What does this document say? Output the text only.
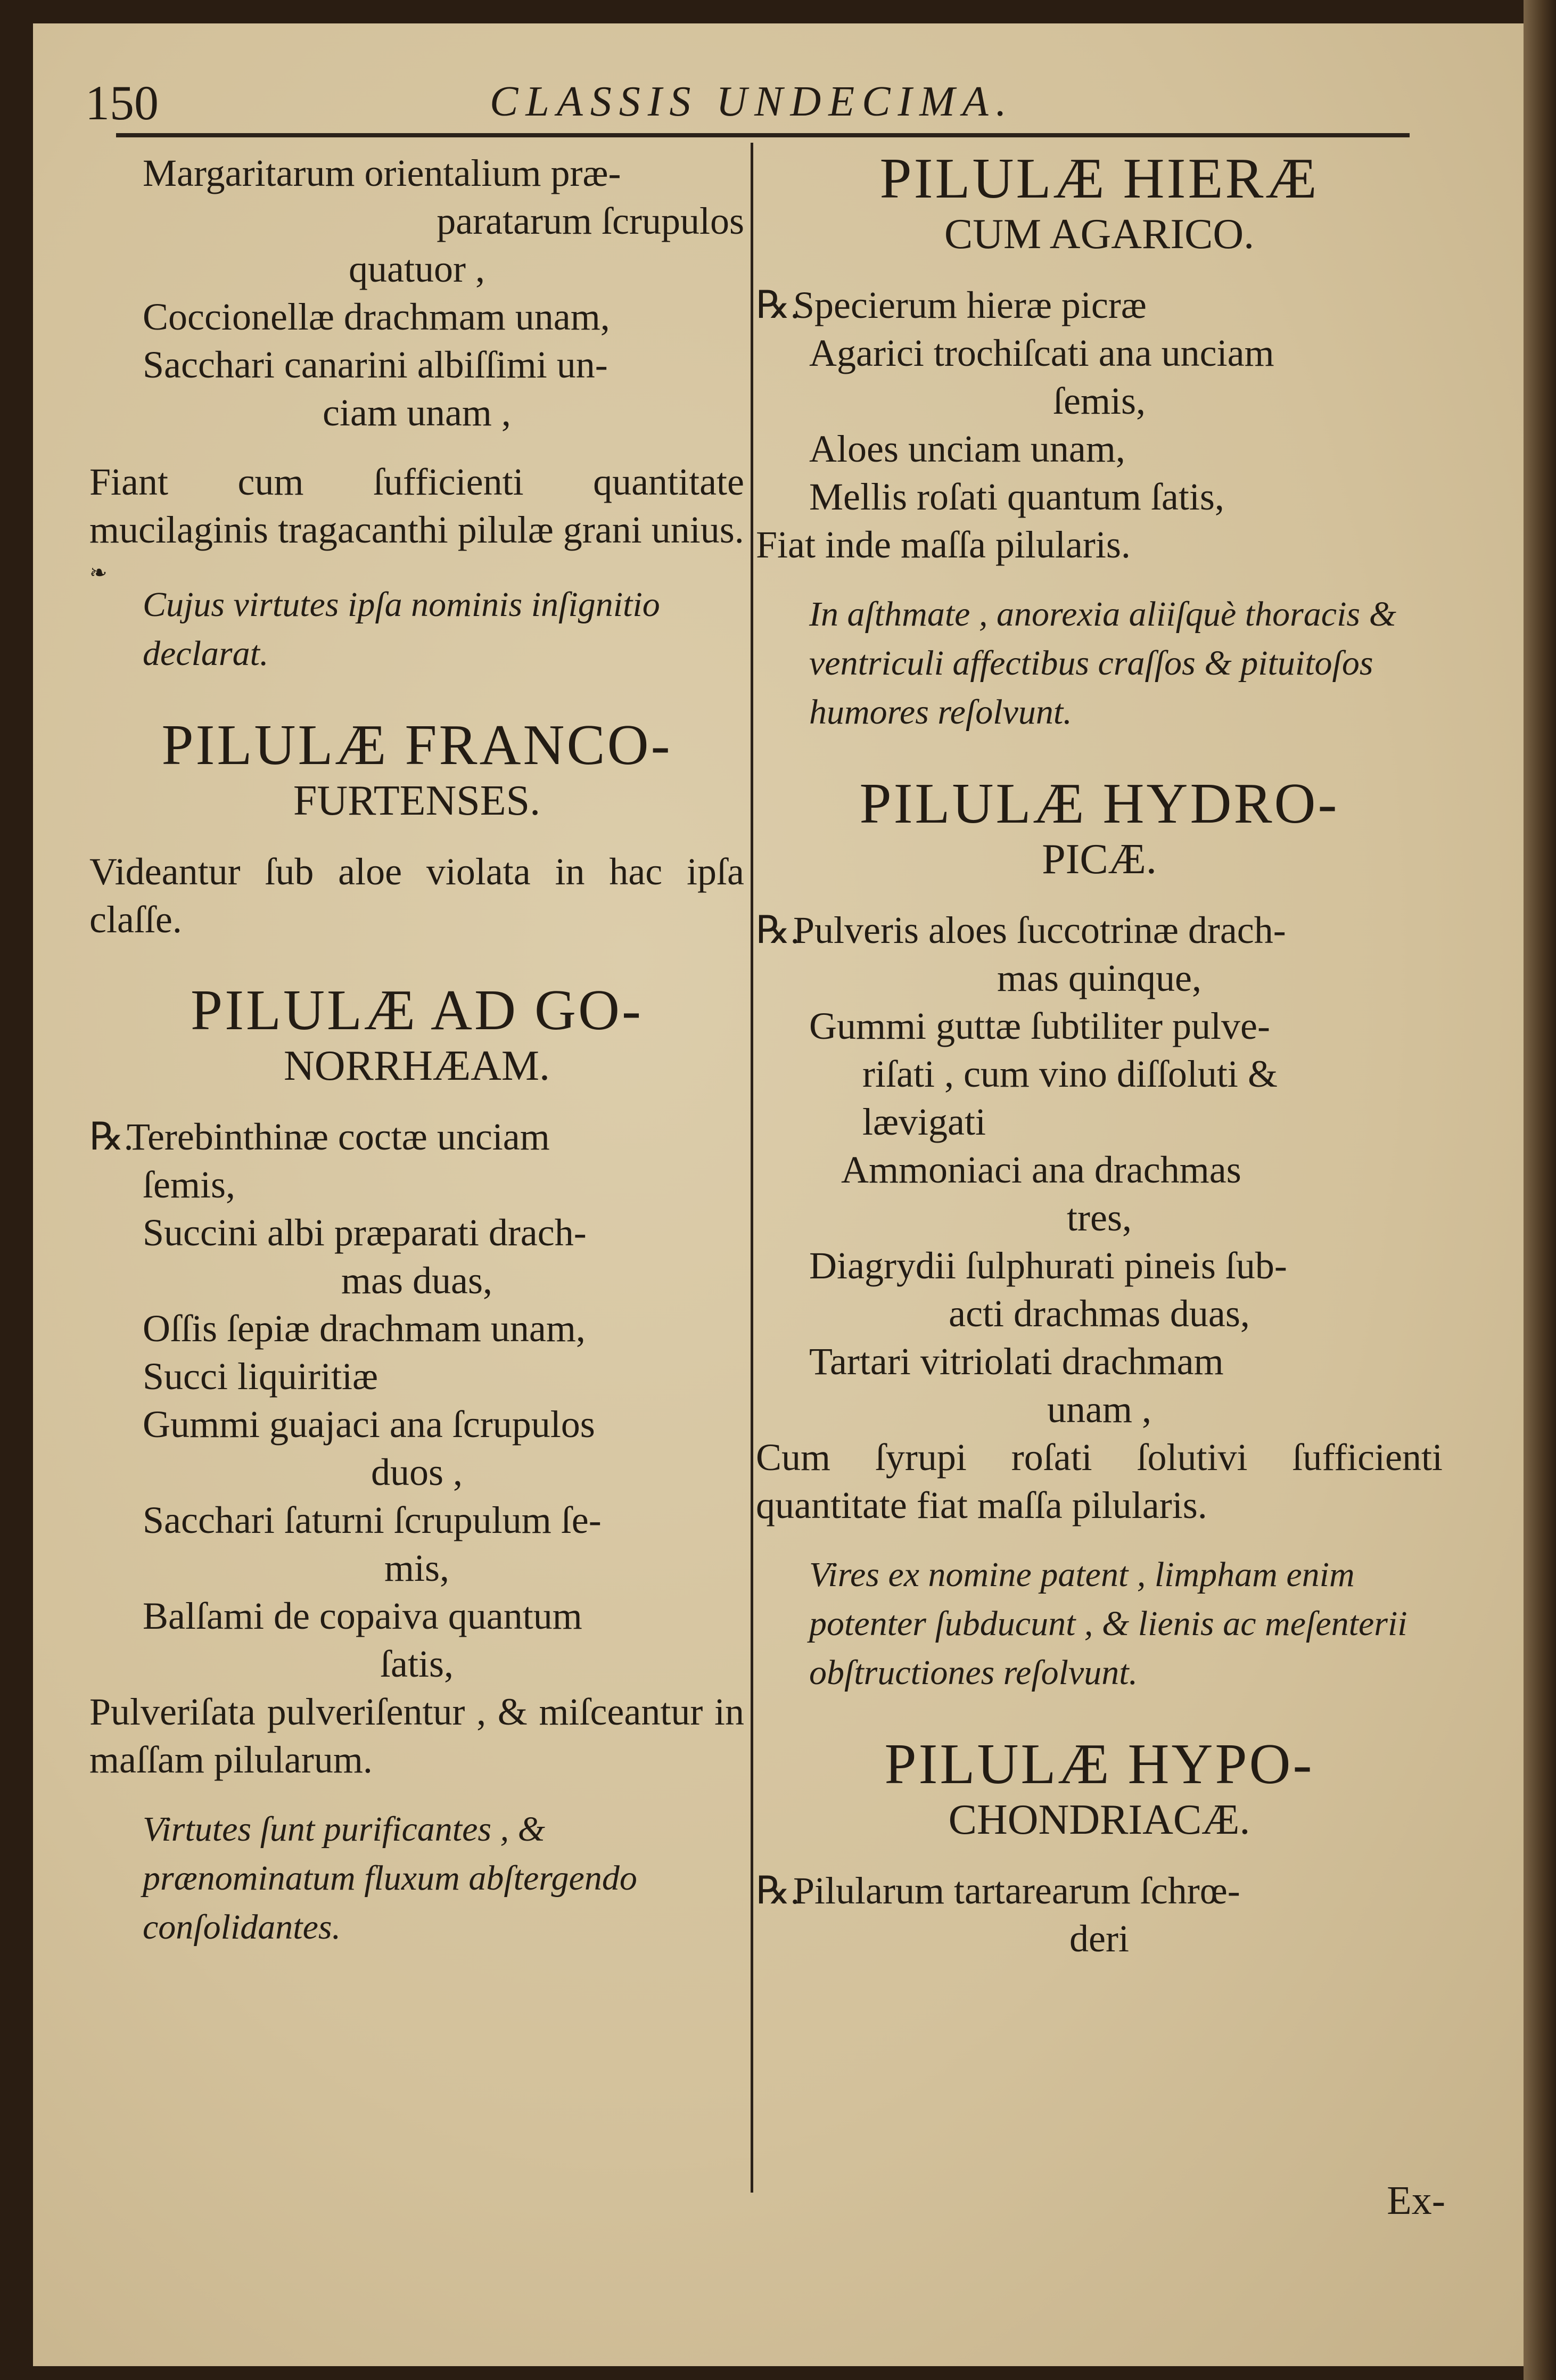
150	CLASSIS UNDECIMA.

Margaritarum orientalium præ-

paratarum ſcrupulos

quatuor ,

Coccionellæ drachmam unam,

Sacchari canarini albiſſimi un-

ciam unam ,

Fiant cum ſufficienti quantitate mucilaginis tragacanthi pilulæ grani unius.

❧

Cujus virtutes ipſa nominis inſignitio declarat.

PILULÆ FRANCO-

FURTENSES.

Videantur ſub aloe violata in hac ipſa claſſe.

PILULÆ AD GO-

NORRHÆAM.

℞.Terebinthinæ coctæ unciam

ſemis,

Succini albi præparati drach-

mas duas,

Oſſis ſepiæ drachmam unam,

Succi liquiritiæ

Gummi guajaci ana ſcrupulos

duos ,

Sacchari ſaturni ſcrupulum ſe-

mis,

Balſami de copaiva quantum

ſatis,

Pulveriſata pulveriſentur , & miſceantur in maſſam pilularum.

Virtutes ſunt purificantes , & prænominatum fluxum abſtergendo conſolidantes.

PILULÆ HIERÆ

CUM AGARICO.

℞.Specierum hieræ picræ

Agarici trochiſcati ana unciam

ſemis,

Aloes unciam unam,

Mellis roſati quantum ſatis,

Fiat inde maſſa pilularis.

In aſthmate , anorexia aliiſquè thoracis & ventriculi affectibus craſſos & pituitoſos humores reſolvunt.

PILULÆ HYDRO-

PICÆ.

℞.Pulveris aloes ſuccotrinæ drach-

mas quinque,

Gummi guttæ ſubtiliter pulve-

riſati , cum vino diſſoluti &

lævigati

Ammoniaci ana drachmas

tres,

Diagrydii ſulphurati pineis ſub-

acti drachmas duas,

Tartari vitriolati drachmam

unam ,

Cum ſyrupi roſati ſolutivi ſufficienti quantitate fiat maſſa pilularis.

Vires ex nomine patent , limpham enim potenter ſubducunt , & lienis ac meſenterii obſtructiones reſolvunt.

PILULÆ HYPO-

CHONDRIACÆ.

℞.Pilularum tartarearum ſchrœ-

deri

Ex-
